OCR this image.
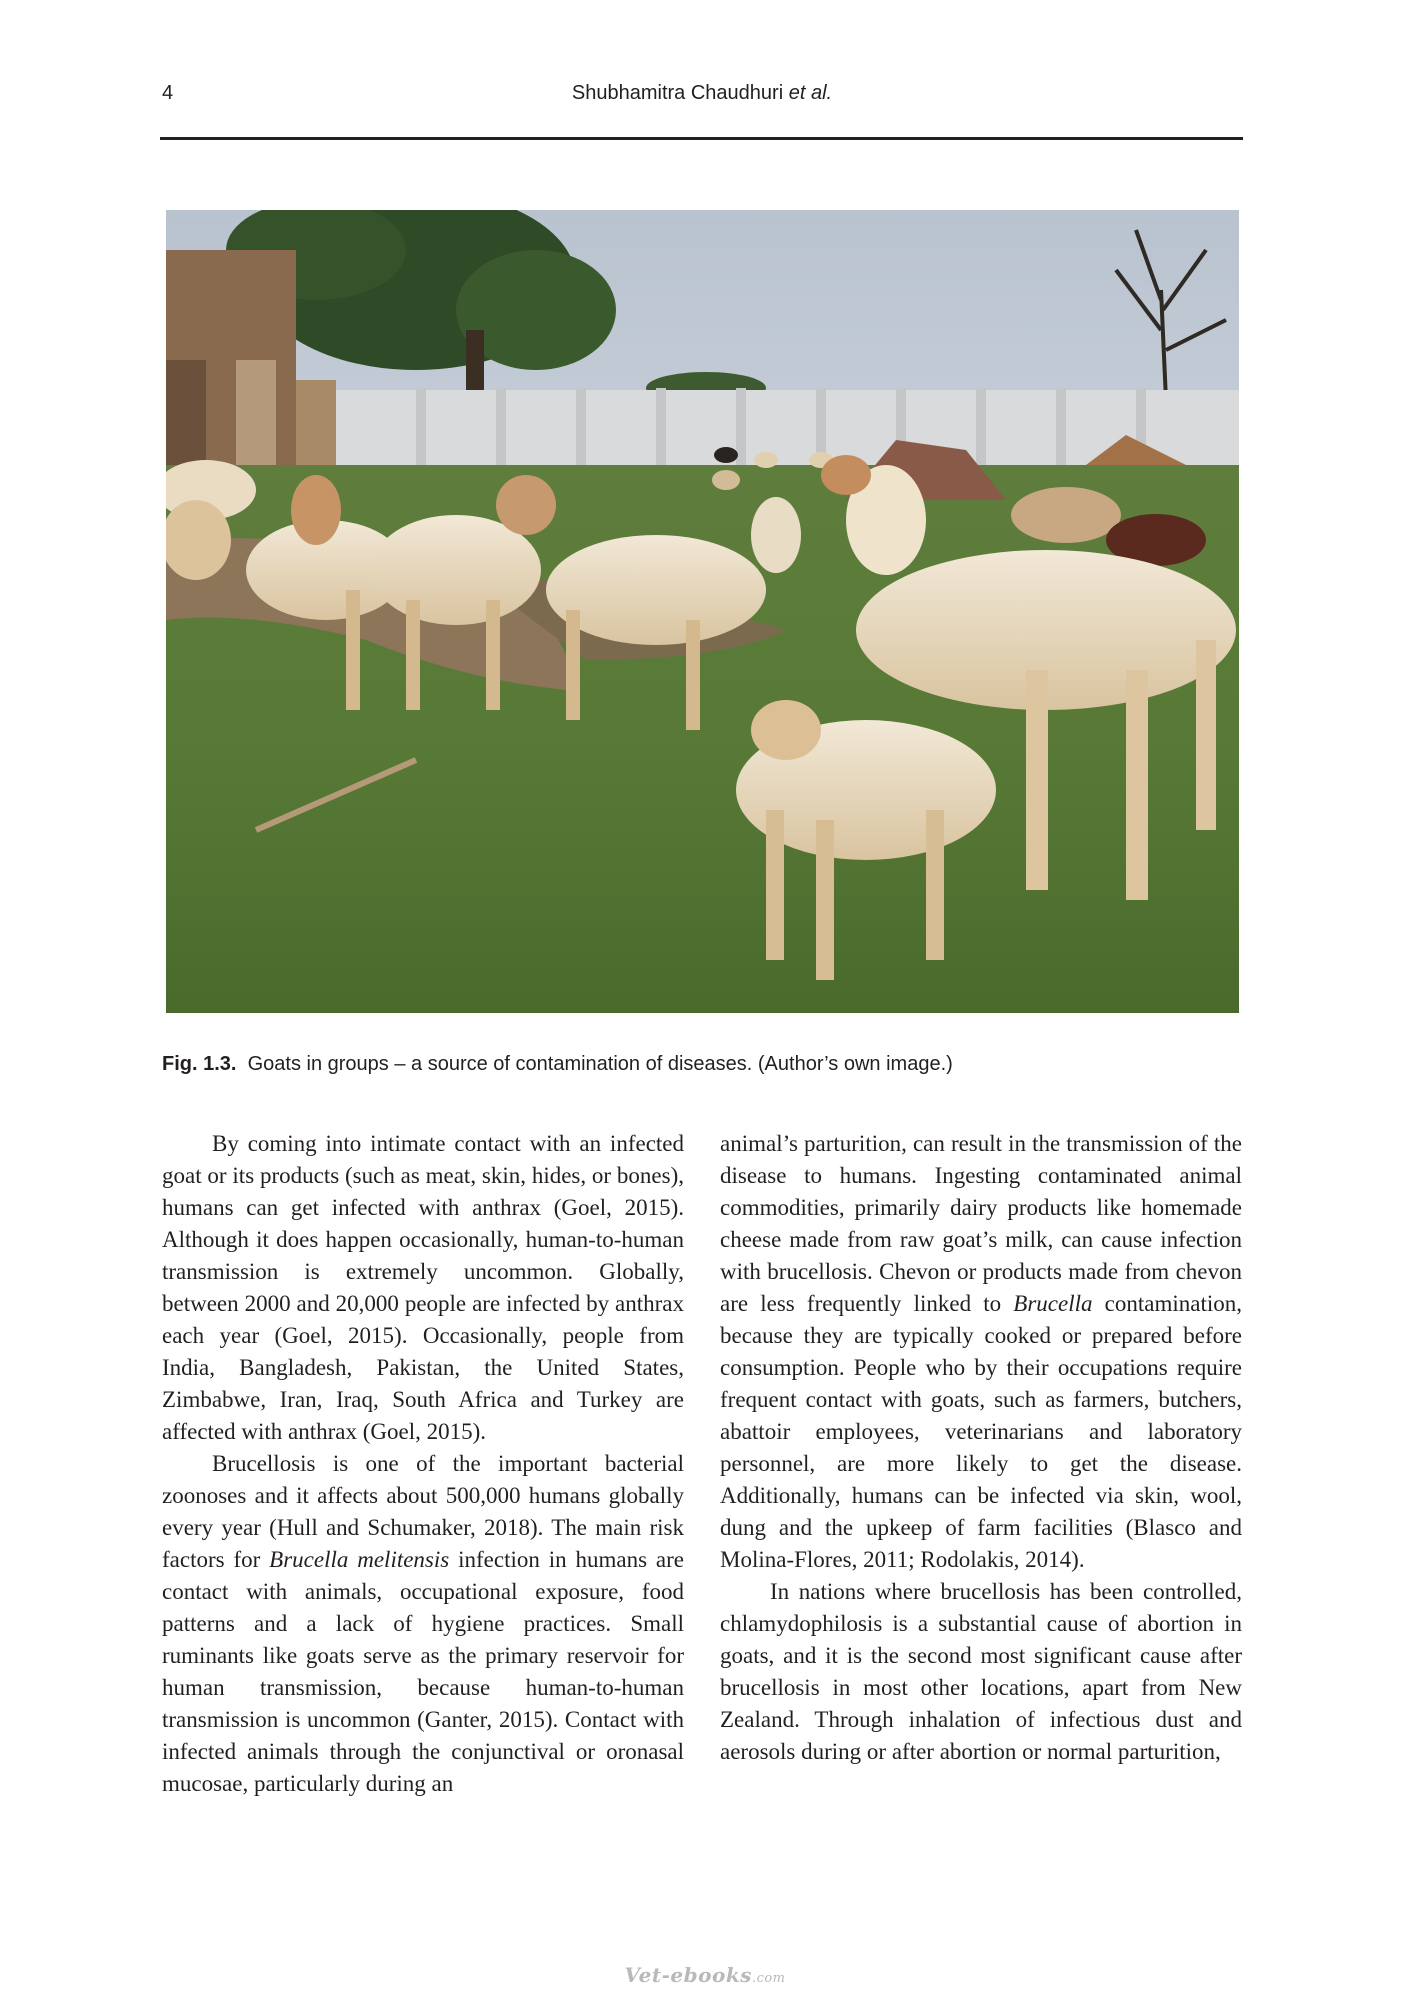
4	Shubhamitra Chaudhuri et al.
Fig. 1.3. Goats in groups – a source of contamination of diseases. (Author’s own image.)

By coming into intimate contact with an infected goat or its products (such as meat, skin, hides, or bones), humans can get infected with anthrax (Goel, 2015). Although it does happen occasionally, human-to-human transmission is extremely uncommon. Globally, between 2000 and 20,000 people are infected by anthrax each year (Goel, 2015). Occasionally, people from India, Bangladesh, Pakistan, the United States, Zimbabwe, Iran, Iraq, South Africa and Turkey are affected with anthrax (Goel, 2015).

Brucellosis is one of the important bacterial zoonoses and it affects about 500,000 humans globally every year (Hull and Schumaker, 2018). The main risk factors for Brucella melitensis infection in humans are contact with animals, occupational exposure, food patterns and a lack of hygiene practices. Small ruminants like goats serve as the primary reservoir for human transmission, because human-to-human transmission is uncommon (Ganter, 2015). Contact with infected animals through the conjunctival or oronasal mucosae, particularly during an

animal’s parturition, can result in the transmission of the disease to humans. Ingesting contaminated animal commodities, primarily dairy products like homemade cheese made from raw goat’s milk, can cause infection with brucellosis. Chevon or products made from chevon are less frequently linked to Brucella contamination, because they are typically cooked or prepared before consumption. People who by their occupations require frequent contact with goats, such as farmers, butchers, abattoir employees, veterinarians and laboratory personnel, are more likely to get the disease. Additionally, humans can be infected via skin, wool, dung and the upkeep of farm facilities (Blasco and Molina-Flores, 2011; Rodolakis, 2014).

In nations where brucellosis has been controlled, chlamydophilosis is a substantial cause of abortion in goats, and it is the second most significant cause after brucellosis in most other locations, apart from New Zealand. Through inhalation of infectious dust and aerosols during or after abortion or normal parturition,

Vet-ebooks.com
